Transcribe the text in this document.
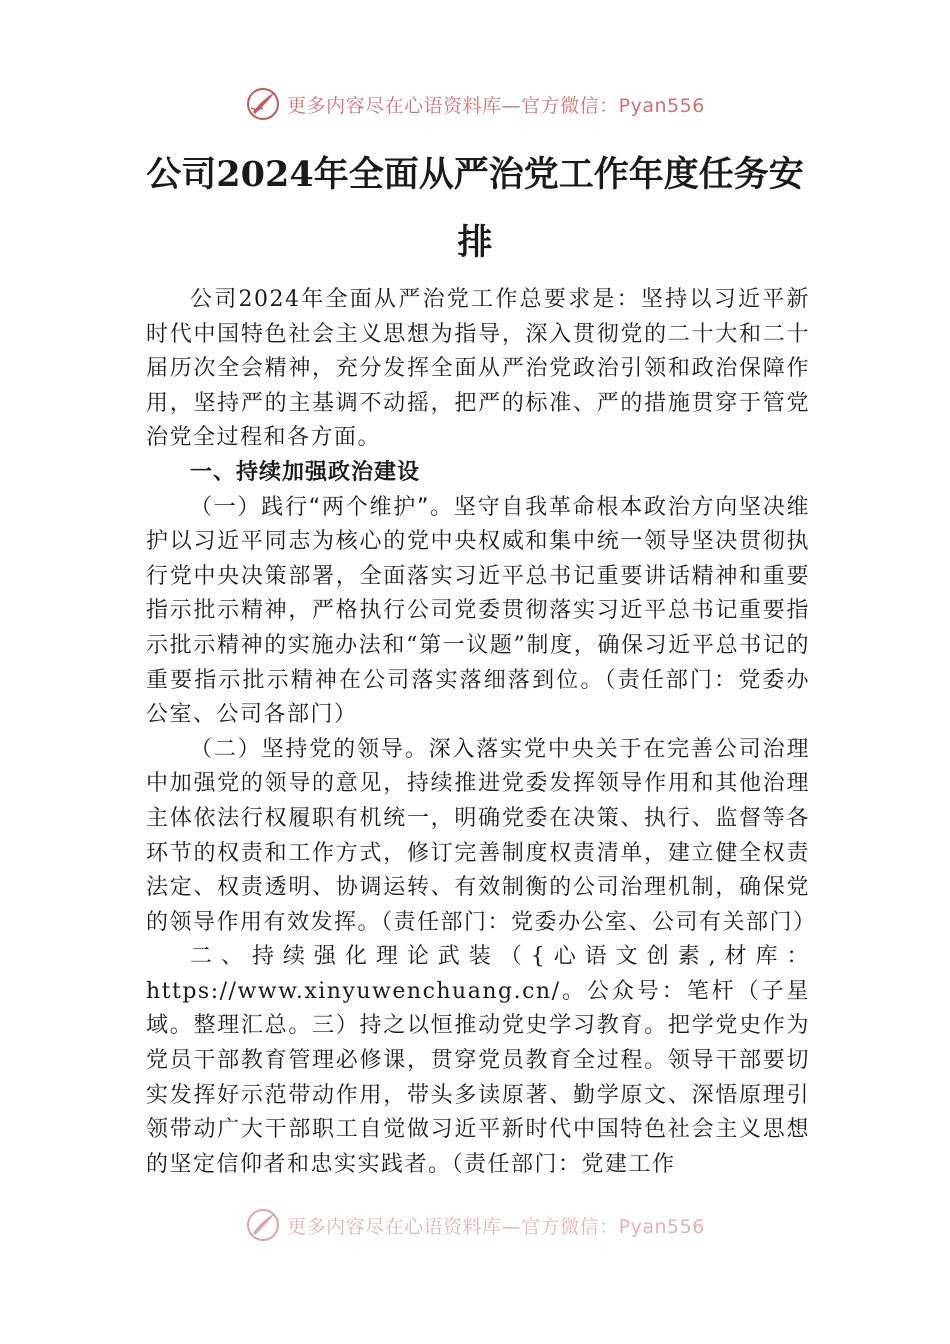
更多内容尽在心语资料库—官方微信：Pyan556
公司2024年全面从严治党工作年度任务安
排

公司2024年全面从严治党工作总要求是：坚持以习近平新时代中国特色社会主义思想为指导，深入贯彻党的二十大和二十届历次全会精神，充分发挥全面从严治党政治引领和政治保障作用，坚持严的主基调不动摇，把严的标准、严的措施贯穿于管党治党全过程和各方面。

一、持续加强政治建设

（一）践行“两个维护”。坚守自我革命根本政治方向坚决维护以习近平同志为核心的党中央权威和集中统一领导坚决贯彻执行党中央决策部署，全面落实习近平总书记重要讲话精神和重要指示批示精神，严格执行公司党委贯彻落实习近平总书记重要指示批示精神的实施办法和“第一议题”制度，确保习近平总书记的重要指示批示精神在公司落实落细落到位。（责任部门：党委办公室、公司各部门）

（二）坚持党的领导。深入落实党中央关于在完善公司治理中加强党的领导的意见，持续推进党委发挥领导作用和其他治理主体依法行权履职有机统一，明确党委在决策、执行、监督等各环节的权责和工作方式，修订完善制度权责清单，建立健全权责法定、权责透明、协调运转、有效制衡的公司治理机制，确保党的领导作用有效发挥。（责任部门：党委办公室、公司有关部门）

二、持续强化理论武装（{心语文创素,材库：https://www.xinyuwenchuang.cn/。公众号：笔杆（子星域。整理汇总。三）持之以恒推动党史学习教育。把学党史作为党员干部教育管理必修课，贯穿党员教育全过程。领导干部要切实发挥好示范带动作用，带头多读原著、勤学原文、深悟原理引领带动广大干部职工自觉做习近平新时代中国特色社会主义思想的坚定信仰者和忠实实践者。（责任部门：党建工作

更多内容尽在心语资料库—官方微信：Pyan556
